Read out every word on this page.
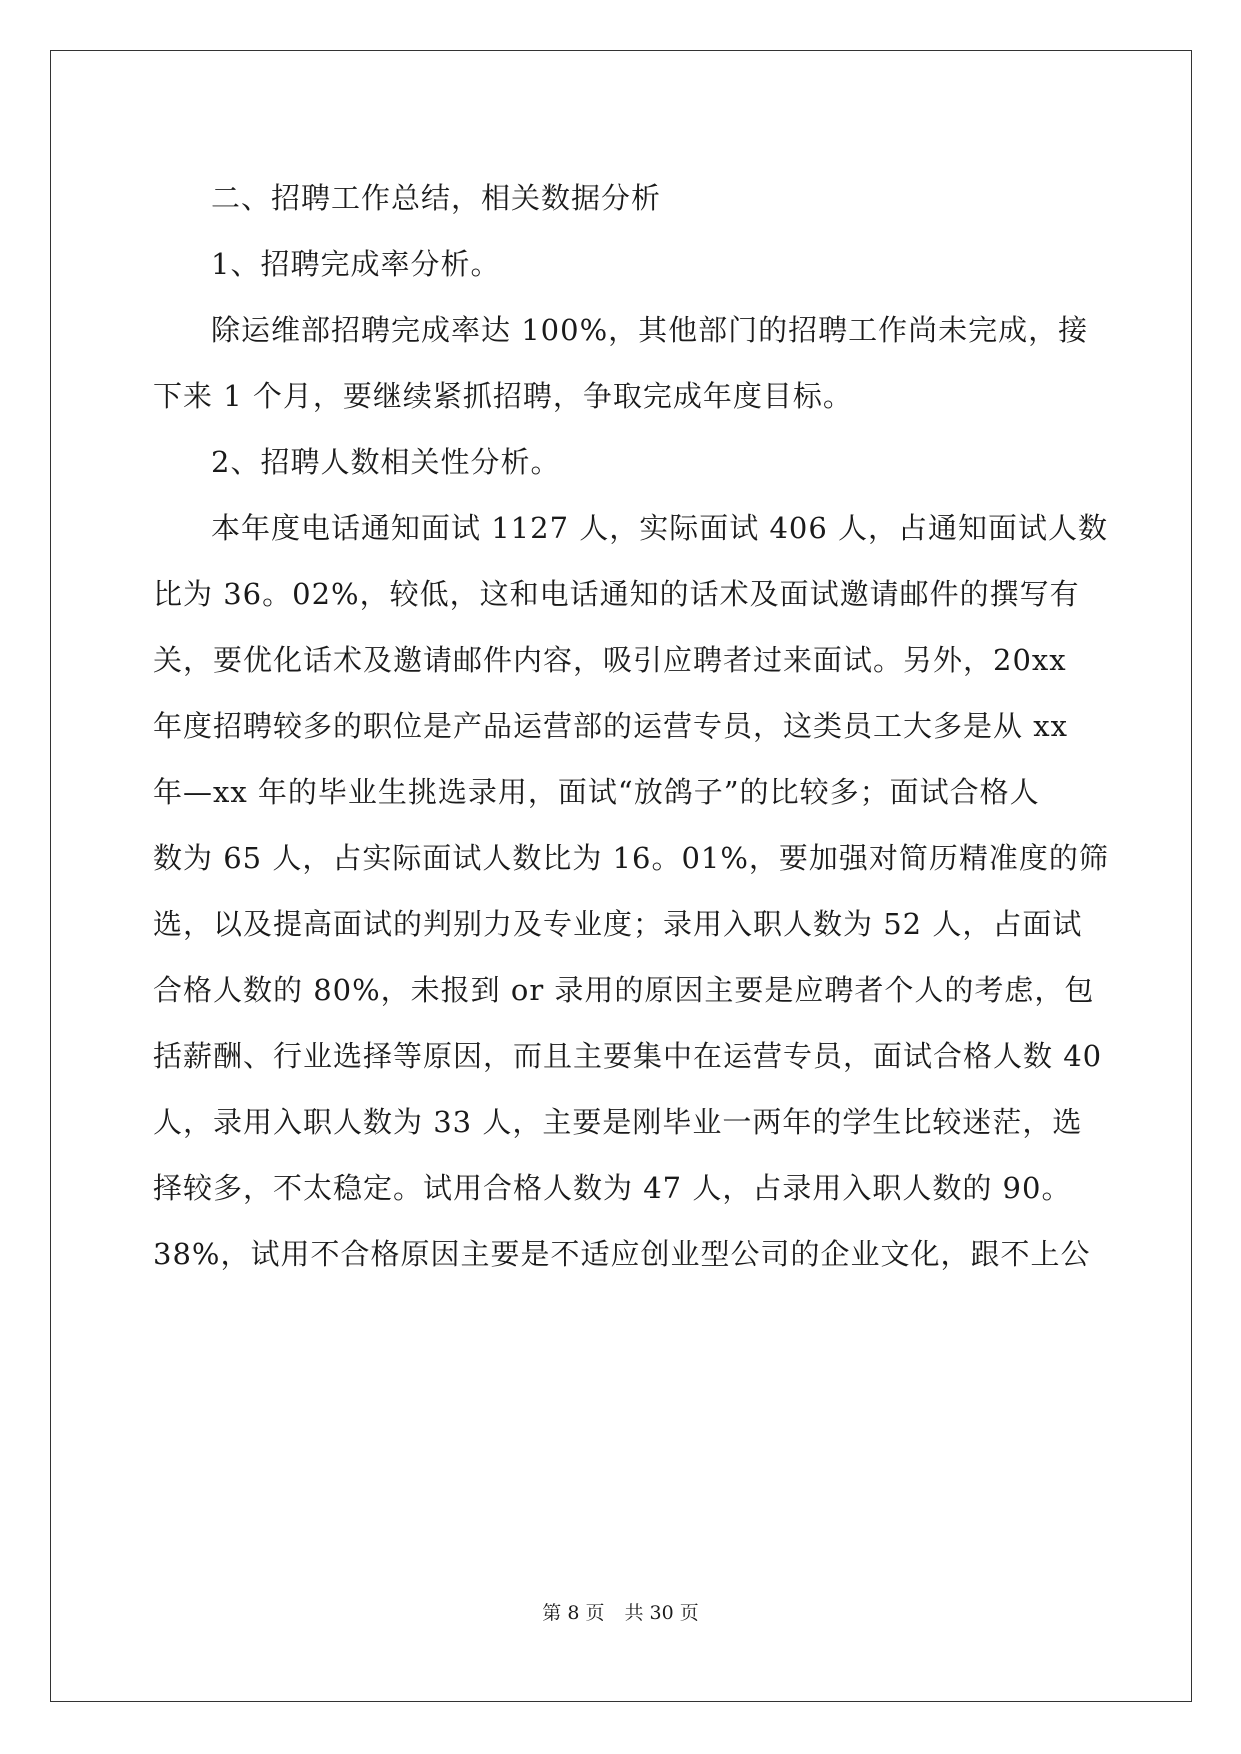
二、招聘工作总结，相关数据分析
1、招聘完成率分析。
除运维部招聘完成率达 100%，其他部门的招聘工作尚未完成，接
下来 1 个月，要继续紧抓招聘，争取完成年度目标。
2、招聘人数相关性分析。
本年度电话通知面试 1127 人，实际面试 406 人，占通知面试人数
比为 36。02%，较低，这和电话通知的话术及面试邀请邮件的撰写有
关，要优化话术及邀请邮件内容，吸引应聘者过来面试。另外，20xx
年度招聘较多的职位是产品运营部的运营专员，这类员工大多是从 xx
年—xx 年的毕业生挑选录用，面试“放鸽子”的比较多；面试合格人
数为 65 人，占实际面试人数比为 16。01%，要加强对简历精准度的筛
选，以及提高面试的判别力及专业度；录用入职人数为 52 人，占面试
合格人数的 80%，未报到 or 录用的原因主要是应聘者个人的考虑，包
括薪酬、行业选择等原因，而且主要集中在运营专员，面试合格人数 40
人，录用入职人数为 33 人，主要是刚毕业一两年的学生比较迷茫，选
择较多，不太稳定。试用合格人数为 47 人，占录用入职人数的 90。
38%，试用不合格原因主要是不适应创业型公司的企业文化，跟不上公
第 8 页 共 30 页
